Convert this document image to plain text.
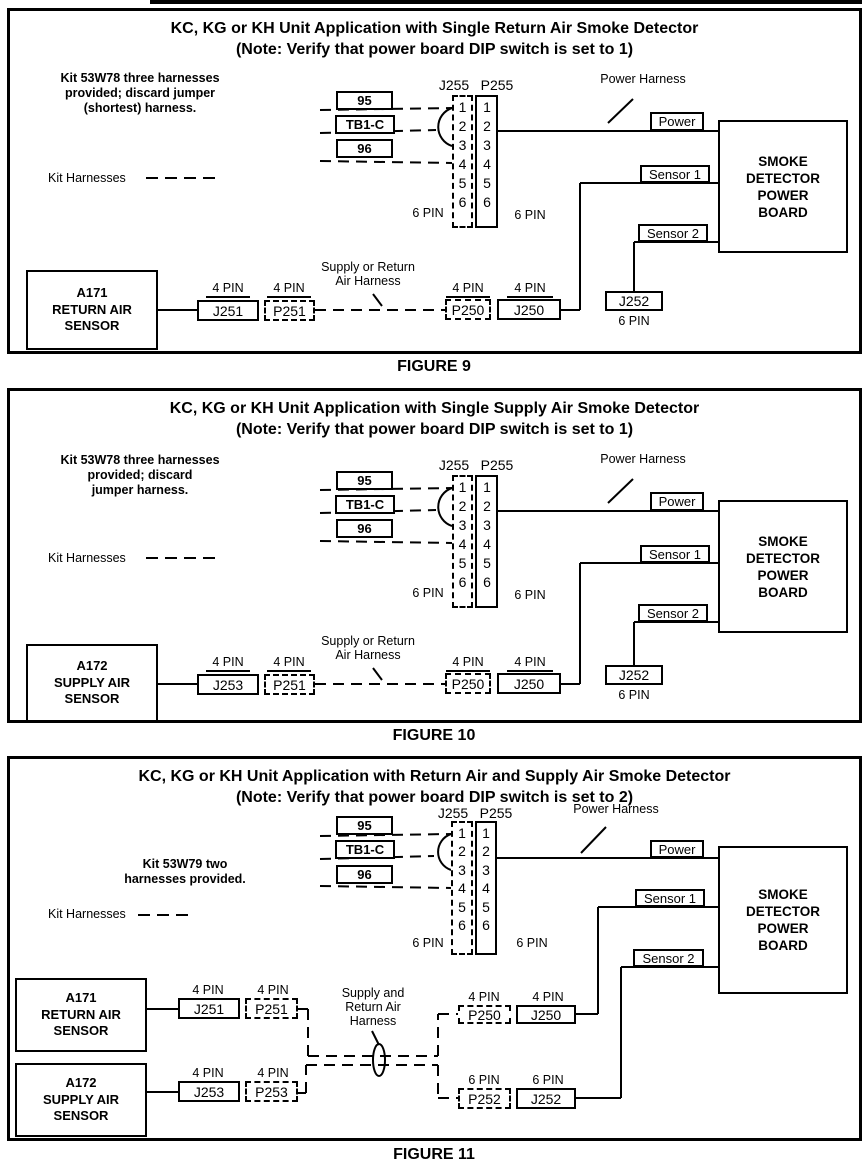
KC, KG or KH Unit Application with Single Return Air Smoke Detector
(Note: Verify that power board DIP switch is set to 1)
Kit 53W78 three harnesses
provided; discard jumper
(shortest) harness.
Kit Harnesses
95
TB1-C
96
J255 P255
1
2
3
4
5
6
1
2
3
4
5
6
6 PIN	6 PIN
Power Harness
Power
SMOKE
DETECTOR
POWER
BOARD
Sensor 1
Sensor 2
J252
6 PIN
A171
RETURN AIR
SENSOR
4 PIN	4 PIN
J251	P251
Supply or Return
Air Harness	4 PIN	4 PIN
P250	J250
FIGURE 9
KC, KG or KH Unit Application with Single Supply Air Smoke Detector
(Note: Verify that power board DIP switch is set to 1)
Kit 53W78 three harnesses
provided; discard
jumper harness.
Kit Harnesses
95
TB1-C
96
J255 P255
1
2
3
4
5
6
1
2
3
4
5
6
6 PIN	6 PIN
Power Harness
Power
SMOKE
DETECTOR
POWER
BOARD
Sensor 1
Sensor 2
J252
6 PIN
A172
SUPPLY AIR
SENSOR
4 PIN	4 PIN
J253	P251
Supply or Return
Air Harness	4 PIN	4 PIN
P250	J250
FIGURE 10
KC, KG or KH Unit Application with Return Air and Supply Air Smoke Detector
(Note: Verify that power board DIP switch is set to 2)
Kit 53W79 two
harnesses provided.
Kit Harnesses
95
TB1-C
96
J255 P255
1
2
3
4
5
6
1
2
3
4
5
6
6 PIN	6 PIN
Power Harness
Power
SMOKE
DETECTOR
POWER
BOARD
Sensor 1
Sensor 2
A171
RETURN AIR
SENSOR
A172
SUPPLY AIR
SENSOR
4 PIN	4 PIN
J251	P251
4 PIN	4 PIN
J253	P253
Supply and
Return Air
Harness
4 PIN	4 PIN
P250	J250
6 PIN	6 PIN
P252	J252
FIGURE 11
